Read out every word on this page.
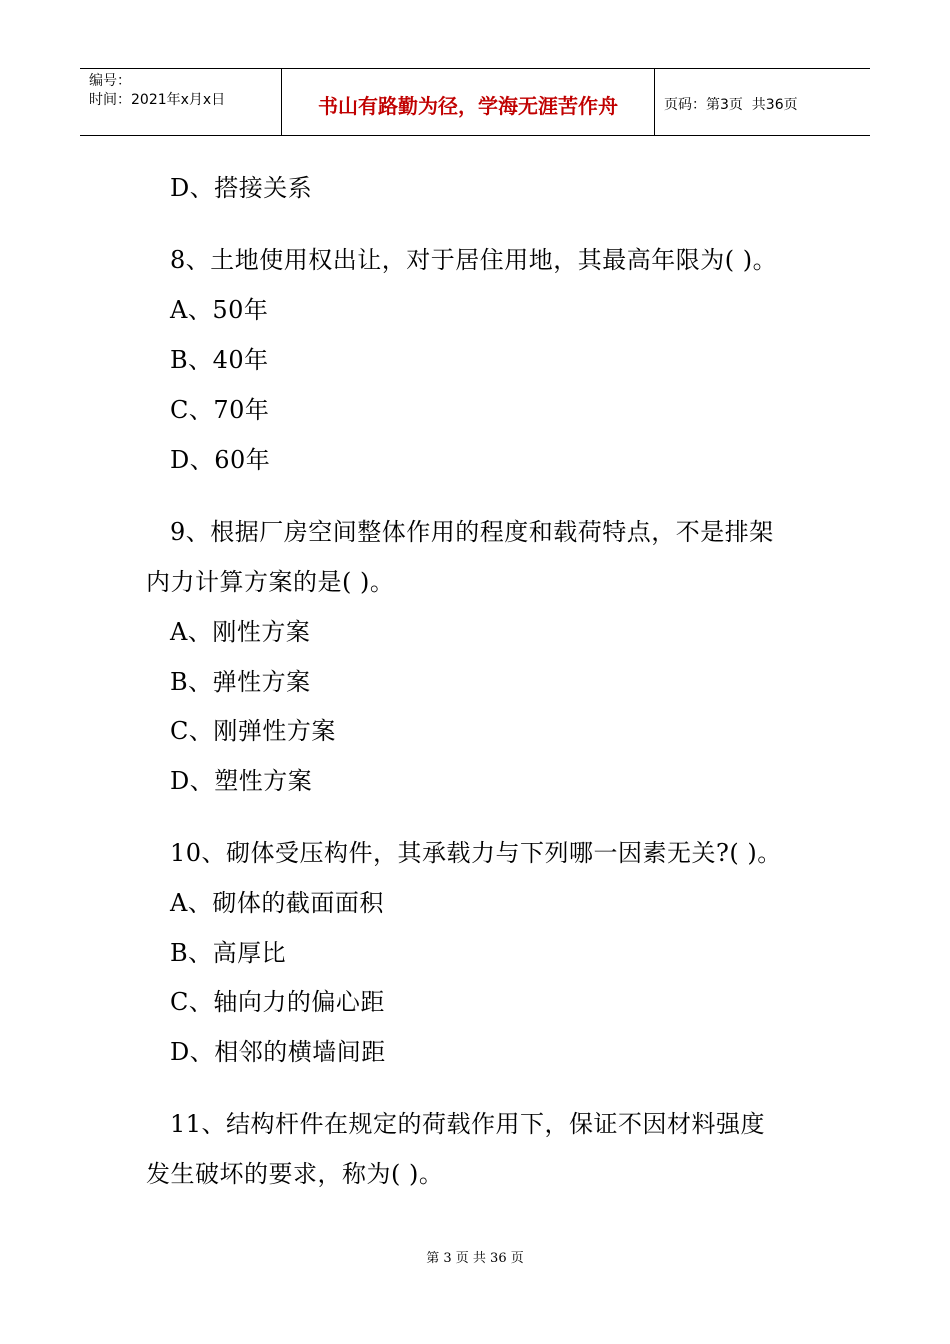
编号：
时间：2021年x月x日	书山有路勤为径，学海无涯苦作舟	页码：第3页  共36页
D、搭接关系
8、土地使用权出让，对于居住用地，其最高年限为( )。
A、50年
B、40年
C、70年
D、60年
9、根据厂房空间整体作用的程度和载荷特点，不是排架
内力计算方案的是( )。
A、刚性方案
B、弹性方案
C、刚弹性方案
D、塑性方案
10、砌体受压构件，其承载力与下列哪一因素无关?( )。
A、砌体的截面面积
B、高厚比
C、轴向力的偏心距
D、相邻的横墙间距
11、结构杆件在规定的荷载作用下，保证不因材料强度
发生破坏的要求，称为( )。
第 3 页 共 36 页
